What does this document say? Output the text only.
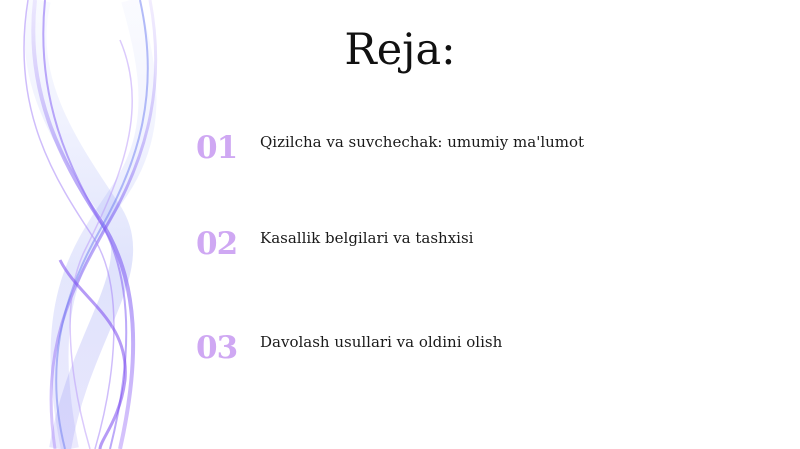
Reja:
01	Qizilcha va suvchechak: umumiy ma'lumot
02	Kasallik belgilari va tashxisi
03	Davolash usullari va oldini olish
